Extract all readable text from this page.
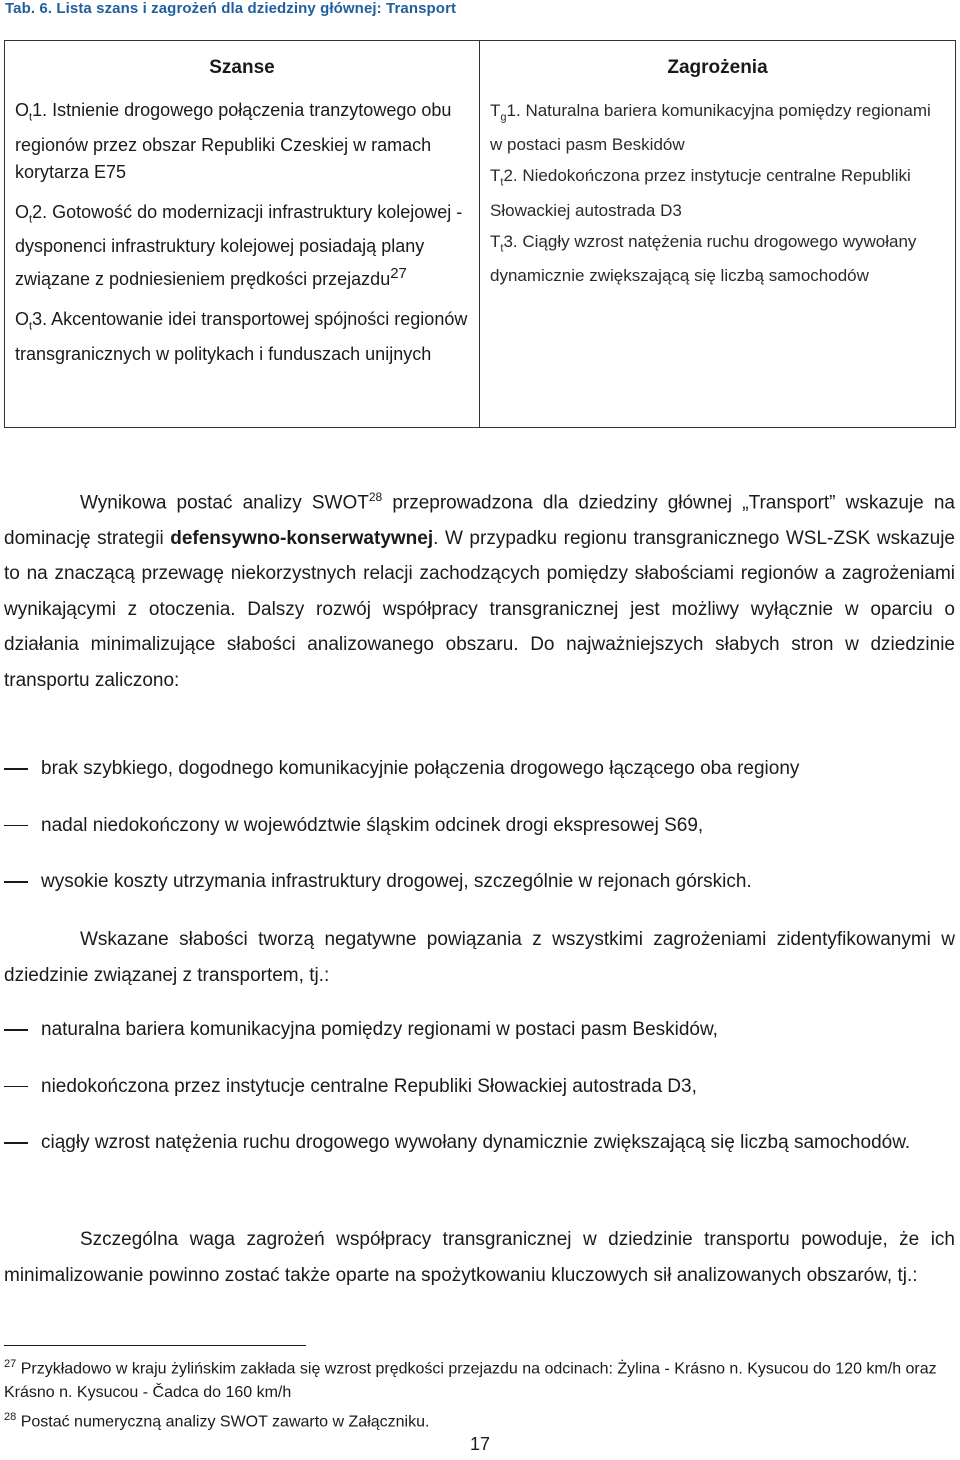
Tab. 6. Lista szans i zagrożeń dla dziedziny głównej: Transport
Szanse
$O_t1$. Istnienie drogowego połączenia tranzytowego obu regionów przez obszar Republiki Czeskiej w ramach korytarza E75
$O_t2$. Gotowość do modernizacji infrastruktury kolejowej - dysponenci infrastruktury kolejowej posiadają plany związane z podniesieniem prędkości przejazdu$^{27}$
$O_t3$. Akcentowanie idei transportowej spójności regionów transgranicznych w politykach i funduszach unijnych
Zagrożenia
$T_g1$. Naturalna bariera komunikacyjna pomiędzy regionami w postaci pasm Beskidów
$T_t2$. Niedokończona przez instytucje centralne Republiki Słowackiej autostrada D3
$T_t3$. Ciągły wzrost natężenia ruchu drogowego wywołany dynamicznie zwiększającą się liczbą samochodów
Wynikowa postać analizy SWOT$^{28}$ przeprowadzona dla dziedziny głównej „Transport” wskazuje na dominację strategii defensywno-konserwatywnej. W przypadku regionu transgranicznego WSL-ZSK wskazuje to na znaczącą przewagę niekorzystnych relacji zachodzących pomiędzy słabościami regionów a zagrożeniami wynikającymi z otoczenia. Dalszy rozwój współpracy transgranicznej jest możliwy wyłącznie w oparciu o działania minimalizujące słabości analizowanego obszaru. Do najważniejszych słabych stron w dziedzinie transportu zaliczono:
brak szybkiego, dogodnego komunikacyjnie połączenia drogowego łączącego oba regiony
nadal niedokończony w województwie śląskim odcinek drogi ekspresowej S69,
wysokie koszty utrzymania infrastruktury drogowej, szczególnie w rejonach górskich.
Wskazane słabości tworzą negatywne powiązania z wszystkimi zagrożeniami zidentyfikowanymi w dziedzinie związanej z transportem, tj.:
naturalna bariera komunikacyjna pomiędzy regionami w postaci pasm Beskidów,
niedokończona przez instytucje centralne Republiki Słowackiej autostrada D3,
ciągły wzrost natężenia ruchu drogowego wywołany dynamicznie zwiększającą się liczbą samochodów.
Szczególna waga zagrożeń współpracy transgranicznej w dziedzinie transportu powoduje, że ich minimalizowanie powinno zostać także oparte na spożytkowaniu kluczowych sił analizowanych obszarów, tj.:
$^{27}$ Przykładowo w kraju żylińskim zakłada się wzrost prędkości przejazdu na odcinach: Żylina - Krásno n. Kysucou do 120 km/h oraz Krásno n. Kysucou - Čadca do 160 km/h
$^{28}$ Postać numeryczną analizy SWOT zawarto w Załączniku.
17
